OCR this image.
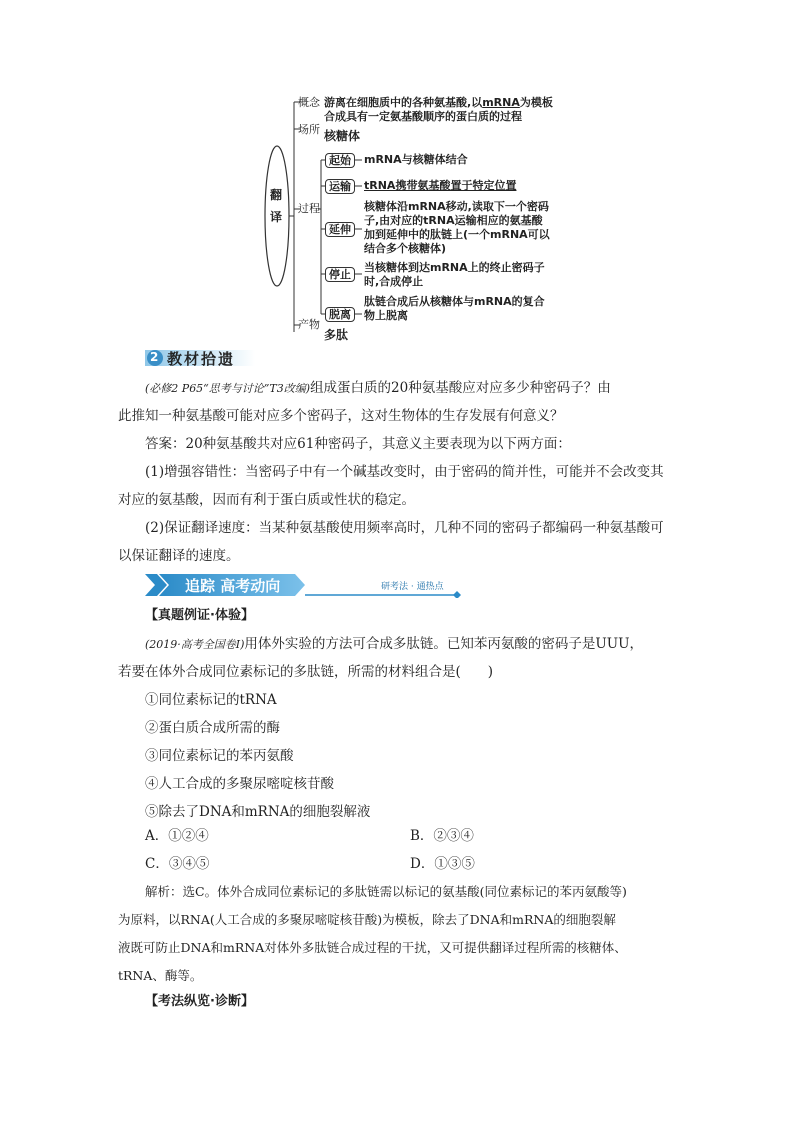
翻译
概念 游离在细胞质中的各种氨基酸,以mRNA为模板
合成具有一定氨基酸顺序的蛋白质的过程
场所 核糖体
过程
起始	mRNA与核糖体结合
运输	tRNA携带氨基酸置于特定位置
延伸
核糖体沿mRNA移动,读取下一个密码
子,由对应的tRNA运输相应的氨基酸
加到延伸中的肽链上(一个mRNA可以
结合多个核糖体)
停止
当核糖体到达mRNA上的终止密码子
时,合成停止
脱离
肽链合成后从核糖体与mRNA的复合
物上脱离
产物
多肽
2 教材拾遗
(必修2 P65“思考与讨论”T3改编)组成蛋白质的20种氨基酸应对应多少种密码子？由
此推知一种氨基酸可能对应多个密码子，这对生物体的生存发展有何意义？
答案：20种氨基酸共对应61种密码子，其意义主要表现为以下两方面：
(1)增强容错性：当密码子中有一个碱基改变时，由于密码的简并性，可能并不会改变其
对应的氨基酸，因而有利于蛋白质或性状的稳定。
(2)保证翻译速度：当某种氨基酸使用频率高时，几种不同的密码子都编码一种氨基酸可
以保证翻译的速度。
追踪 高考动向	研考法 · 通热点
【真题例证·体验】
(2019·高考全国卷Ⅰ)用体外实验的方法可合成多肽链。已知苯丙氨酸的密码子是UUU，
若要在体外合成同位素标记的多肽链，所需的材料组合是(　　)
①同位素标记的tRNA
②蛋白质合成所需的酶
③同位素标记的苯丙氨酸
④人工合成的多聚尿嘧啶核苷酸
⑤除去了DNA和mRNA的细胞裂解液
A．①②④	B．②③④
C．③④⑤	D．①③⑤
解析：选C。体外合成同位素标记的多肽链需以标记的氨基酸(同位素标记的苯丙氨酸等)
为原料，以RNA(人工合成的多聚尿嘧啶核苷酸)为模板，除去了DNA和mRNA的细胞裂解
液既可防止DNA和mRNA对体外多肽链合成过程的干扰，又可提供翻译过程所需的核糖体、
tRNA、酶等。
【考法纵览·诊断】
